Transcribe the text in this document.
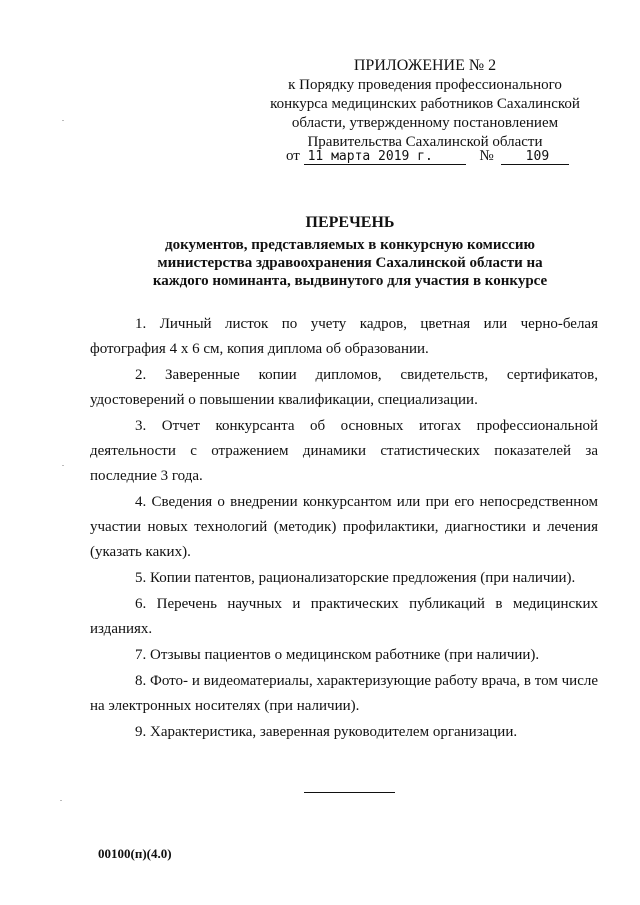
ПРИЛОЖЕНИЕ № 2
к Порядку проведения профессионального
конкурса медицинских работников Сахалинской
области, утвержденному постановлением
Правительства Сахалинской области
от 11 марта 2019 г.	№ 109
ПЕРЕЧЕНЬ
документов, представляемых в конкурсную комиссию
министерства здравоохранения Сахалинской области на
каждого номинанта, выдвинутого для участия в конкурсе

1. Личный листок по учету кадров, цветная или черно-белая фотография 4 x 6 см, копия диплома об образовании.

2. Заверенные копии дипломов, свидетельств, сертификатов, удостоверений о повышении квалификации, специализации.

3. Отчет конкурсанта об основных итогах профессиональной деятельности с отражением динамики статистических показателей за последние 3 года.

4. Сведения о внедрении конкурсантом или при его непосредственном участии новых технологий (методик) профилактики, диагностики и лечения (указать каких).

5. Копии патентов, рационализаторские предложения (при наличии).

6. Перечень научных и практических публикаций в медицинских изданиях.

7. Отзывы пациентов о медицинском работнике (при наличии).

8. Фото- и видеоматериалы, характеризующие работу врача, в том числе на электронных носителях (при наличии).

9. Характеристика, заверенная руководителем организации.

00100(п)(4.0)
